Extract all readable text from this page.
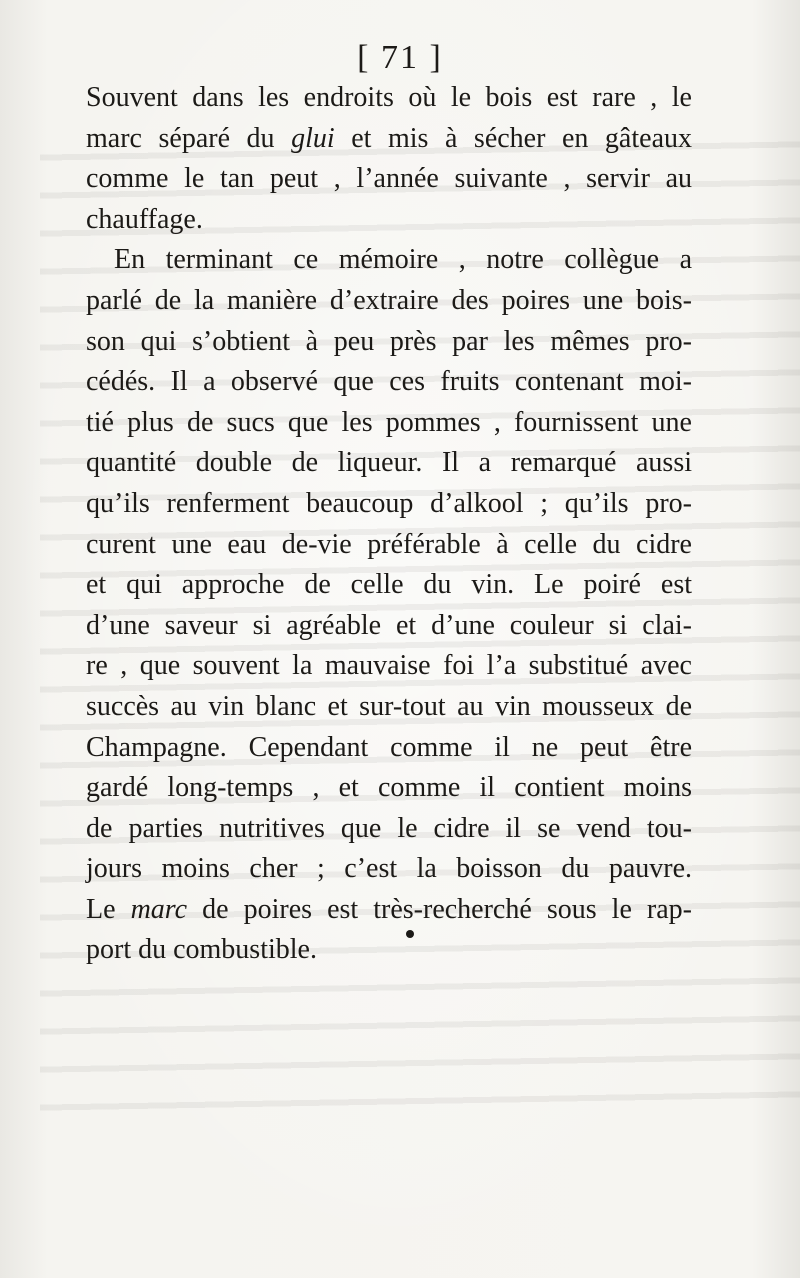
[ 71 ]
Souvent dans les endroits où le bois est rare , le
marc séparé du glui et mis à sécher en gâteaux
comme le tan peut , l’année suivante , servir au
chauffage.
En terminant ce mémoire , notre collègue a
parlé de la manière d’extraire des poires une bois-
son qui s’obtient à peu près par les mêmes pro-
cédés. Il a observé que ces fruits contenant moi-
tié plus de sucs que les pommes , fournissent une
quantité double de liqueur. Il a remarqué aussi
qu’ils renferment beaucoup d’alkool ; qu’ils pro-
curent une eau de-vie préférable à celle du cidre
et qui approche de celle du vin. Le poiré est
d’une saveur si agréable et d’une couleur si clai-
re , que souvent la mauvaise foi l’a substitué avec
succès au vin blanc et sur-tout au vin mousseux de
Champagne. Cependant comme il ne peut être
gardé long-temps , et comme il contient moins
de parties nutritives que le cidre il se vend tou-
jours moins cher ; c’est la boisson du pauvre.
Le marc de poires est très-recherché sous le rap-
port du combustible.
